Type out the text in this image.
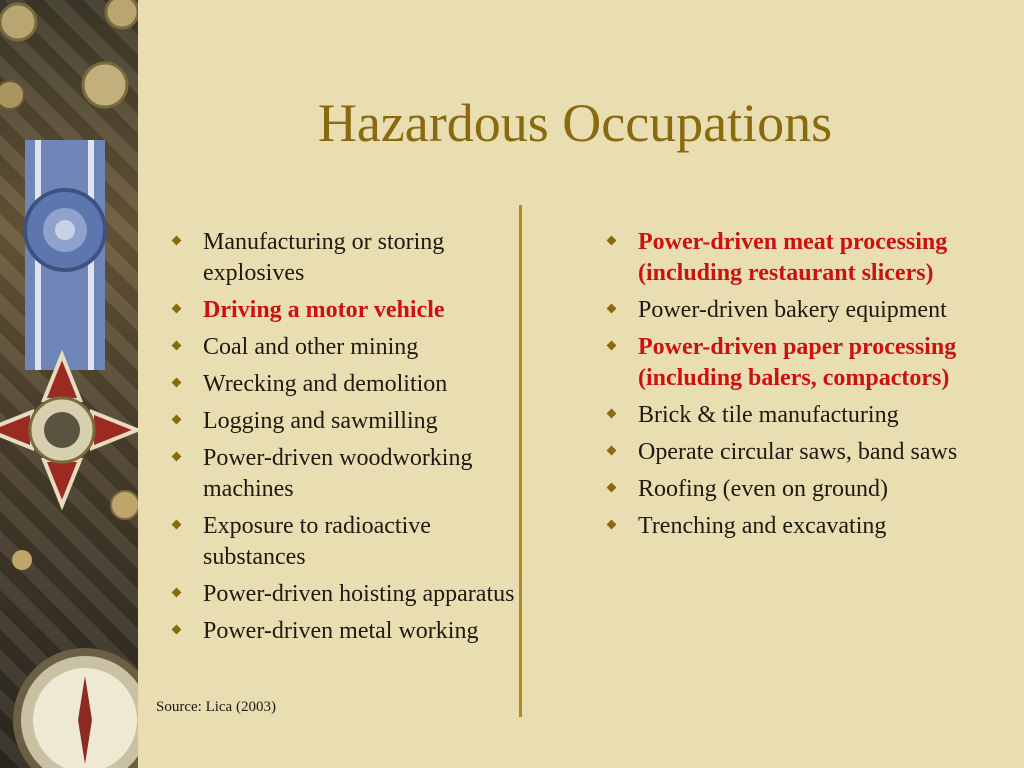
Hazardous Occupations
Manufacturing or storing explosives
Driving a motor vehicle
Coal and other mining
Wrecking and demolition
Logging and sawmilling
Power-driven woodworking machines
Exposure to radioactive substances
Power-driven hoisting apparatus
Power-driven metal working
Power-driven meat processing (including restaurant slicers)
Power-driven bakery equipment
Power-driven paper processing (including balers, compactors)
Brick & tile manufacturing
Operate circular saws, band saws
Roofing (even on ground)
Trenching and excavating
Source: Lica (2003)
